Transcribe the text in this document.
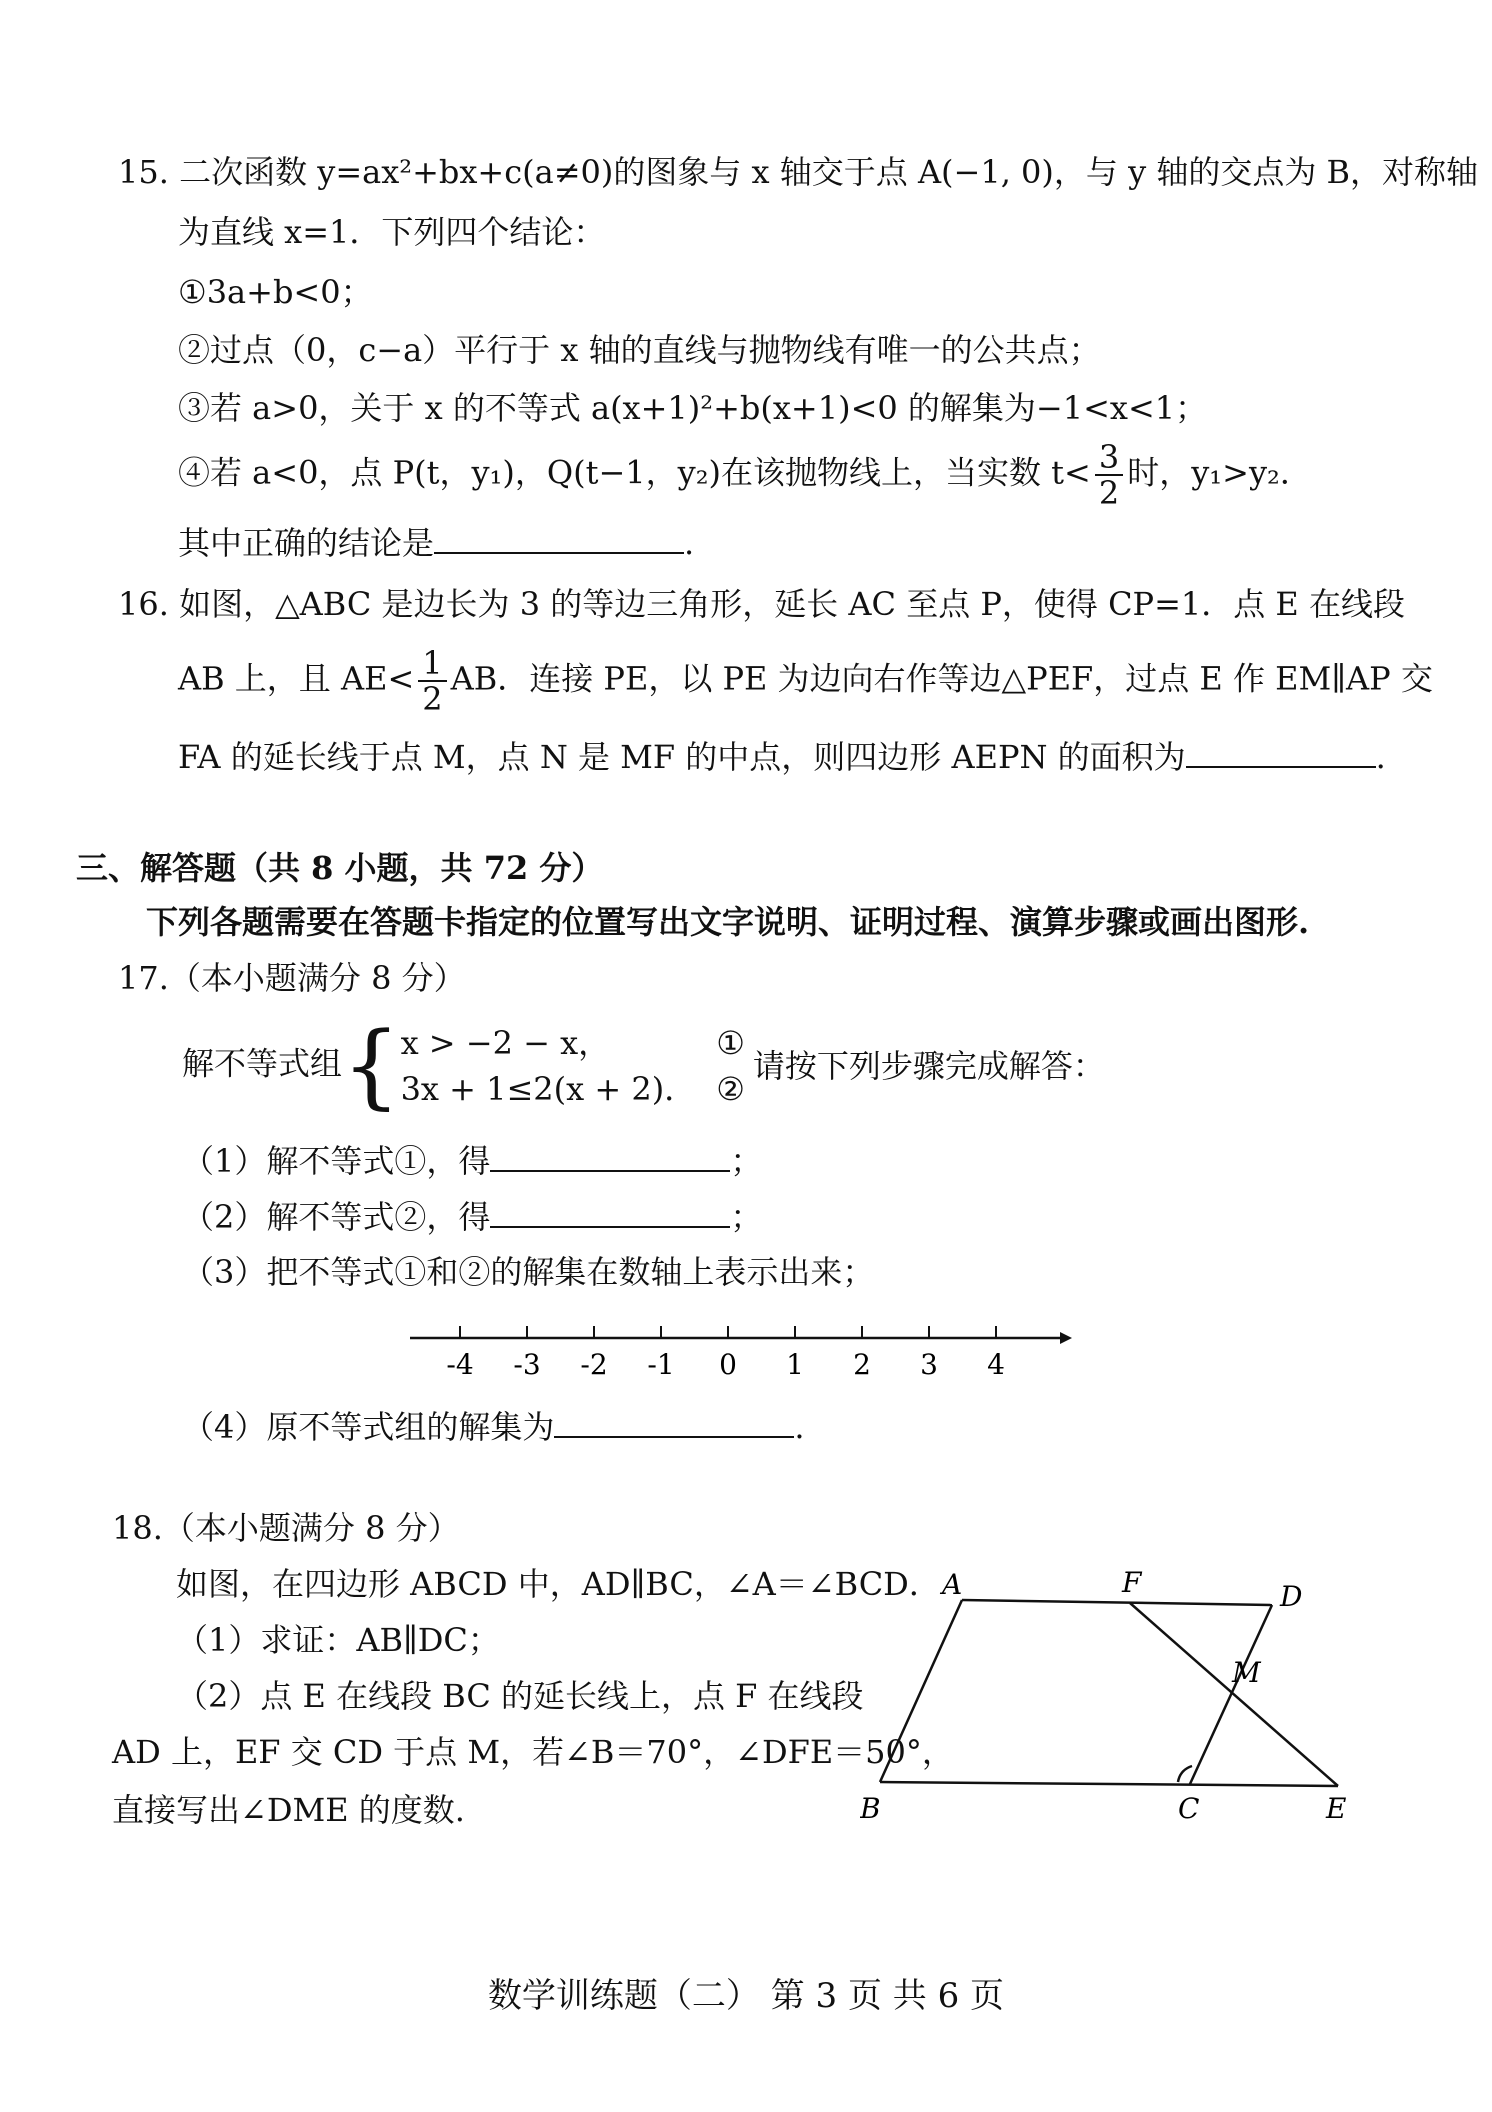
15. 二次函数 y=ax²+bx+c(a≠0)的图象与 x 轴交于点 A(−1, 0)，与 y 轴的交点为 B，对称轴
为直线 x=1．下列四个结论：
①3a+b<0；
②过点（0，c−a）平行于 x 轴的直线与抛物线有唯一的公共点；
③若 a>0，关于 x 的不等式 a(x+1)²+b(x+1)<0 的解集为−1<x<1；
④若 a<0，点 P(t，y₁)，Q(t−1，y₂)在该抛物线上，当实数 $t< \frac{3}{2}$ 时，y₁>y₂．
其中正确的结论是	.
16. 如图，△ABC 是边长为 3 的等边三角形，延长 AC 至点 P，使得 CP=1．点 E 在线段
AB 上，且 $AE< \frac{1}{2}$ AB．连接 PE，以 PE 为边向右作等边△PEF，过点 E 作 EM∥AP 交
FA 的延长线于点 M，点 N 是 MF 的中点，则四边形 AEPN 的面积为	.
三、解答题（共 8 小题，共 72 分）
下列各题需要在答题卡指定的位置写出文字说明、证明过程、演算步骤或画出图形.
17.（本小题满分 8 分）
解不等式组{ x > −2 − x，
3x + 1≤2(x + 2)．
①
②
请按下列步骤完成解答：
（1）解不等式①，得	；
（2）解不等式②，得	；
（3）把不等式①和②的解集在数轴上表示出来；
-4 -3 -2 -1 0 1 2 3 4
（4）原不等式组的解集为	.
18.（本小题满分 8 分）
如图，在四边形 ABCD 中，AD∥BC，∠A＝∠BCD．
（1）求证：AB∥DC；
（2）点 E 在线段 BC 的延长线上，点 F 在线段
AD 上，EF 交 CD 于点 M，若∠B＝70°，∠DFE＝50°，
直接写出∠DME 的度数.
A	F	D
M
B	C	E
数学训练题（二） 第 3 页 共 6 页
